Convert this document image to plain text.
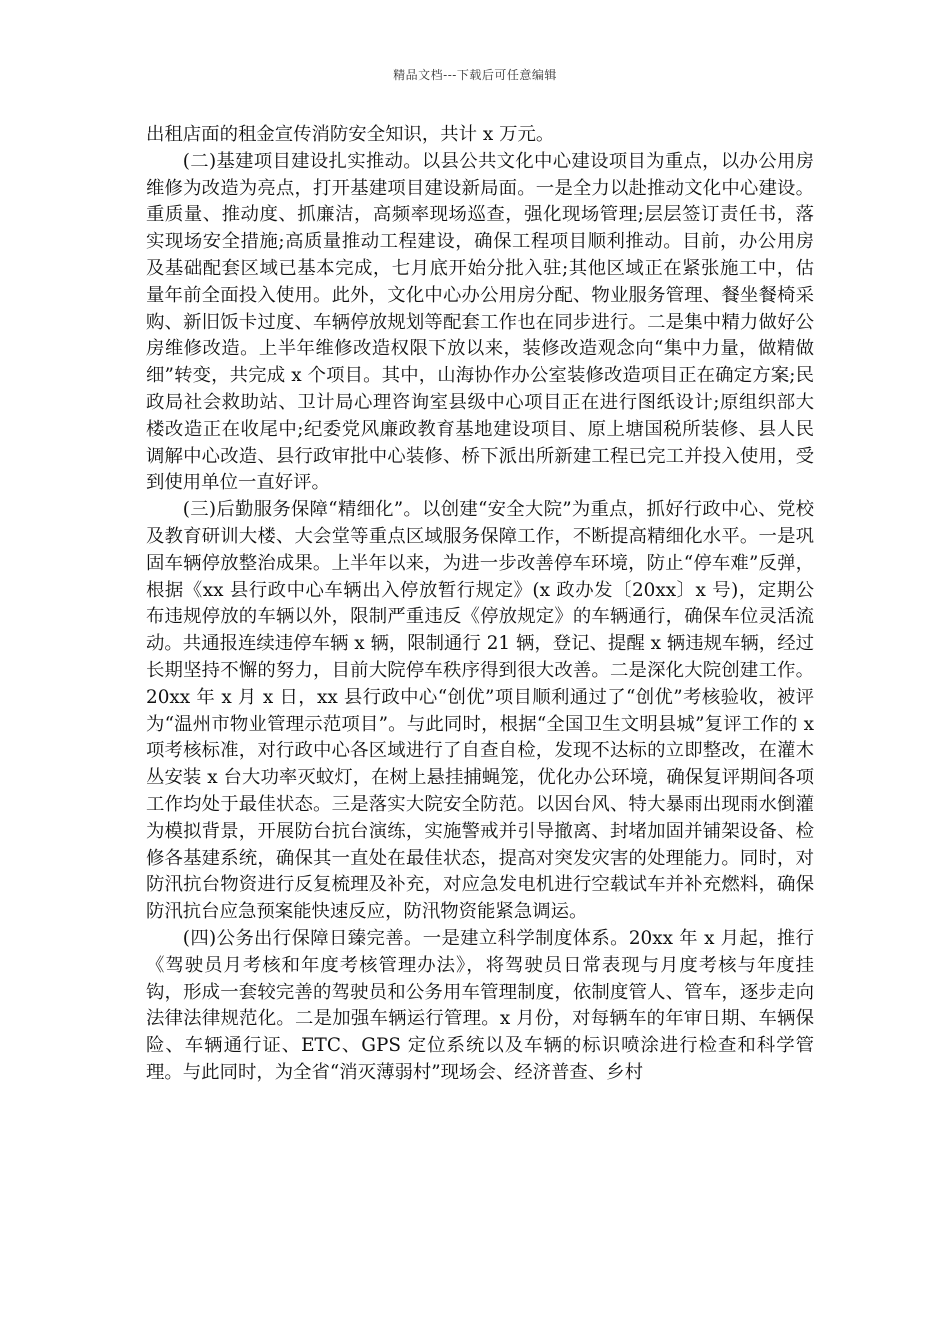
精品文档---下载后可任意编辑

出租店面的租金宣传消防安全知识，共计 x 万元。

(二)基建项目建设扎实推动。以县公共文化中心建设项目为重点，以办公用房维修为改造为亮点，打开基建项目建设新局面。一是全力以赴推动文化中心建设。重质量、推动度、抓廉洁，高频率现场巡查，强化现场管理;层层签订责任书，落实现场安全措施;高质量推动工程建设，确保工程项目顺利推动。目前，办公用房及基础配套区域已基本完成，七月底开始分批入驻;其他区域正在紧张施工中，估量年前全面投入使用。此外，文化中心办公用房分配、物业服务管理、餐坐餐椅采购、新旧饭卡过度、车辆停放规划等配套工作也在同步进行。二是集中精力做好公房维修改造。上半年维修改造权限下放以来，装修改造观念向“集中力量，做精做细”转变，共完成 x 个项目。其中，山海协作办公室装修改造项目正在确定方案;民政局社会救助站、卫计局心理咨询室县级中心项目正在进行图纸设计;原组织部大楼改造正在收尾中;纪委党风廉政教育基地建设项目、原上塘国税所装修、县人民调解中心改造、县行政审批中心装修、桥下派出所新建工程已完工并投入使用，受到使用单位一直好评。

(三)后勤服务保障“精细化”。以创建“安全大院”为重点，抓好行政中心、党校及教育研训大楼、大会堂等重点区域服务保障工作，不断提高精细化水平。一是巩固车辆停放整治成果。上半年以来，为进一步改善停车环境，防止“停车难”反弹，根据《xx 县行政中心车辆出入停放暂行规定》(x 政办发〔20xx〕x 号)，定期公布违规停放的车辆以外，限制严重违反《停放规定》的车辆通行，确保车位灵活流动。共通报连续违停车辆 x 辆，限制通行 21 辆，登记、提醒 x 辆违规车辆，经过长期坚持不懈的努力，目前大院停车秩序得到很大改善。二是深化大院创建工作。20xx 年 x 月 x 日，xx 县行政中心“创优”项目顺利通过了“创优”考核验收，被评为“温州市物业管理示范项目”。与此同时，根据“全国卫生文明县城”复评工作的 x 项考核标准，对行政中心各区域进行了自查自检，发现不达标的立即整改，在灌木丛安装 x 台大功率灭蚊灯，在树上悬挂捕蝇笼，优化办公环境，确保复评期间各项工作均处于最佳状态。三是落实大院安全防范。以因台风、特大暴雨出现雨水倒灌为模拟背景，开展防台抗台演练，实施警戒并引导撤离、封堵加固并铺架设备、检修各基建系统，确保其一直处在最佳状态，提高对突发灾害的处理能力。同时，对防汛抗台物资进行反复梳理及补充，对应急发电机进行空载试车并补充燃料，确保防汛抗台应急预案能快速反应，防汛物资能紧急调运。

(四)公务出行保障日臻完善。一是建立科学制度体系。20xx 年 x 月起，推行《驾驶员月考核和年度考核管理办法》，将驾驶员日常表现与月度考核与年度挂钩，形成一套较完善的驾驶员和公务用车管理制度，依制度管人、管车，逐步走向法律法律规范化。二是加强车辆运行管理。x 月份，对每辆车的年审日期、车辆保险、车辆通行证、ETC、GPS 定位系统以及车辆的标识喷涂进行检查和科学管理。与此同时，为全省“消灭薄弱村”现场会、经济普查、乡村
